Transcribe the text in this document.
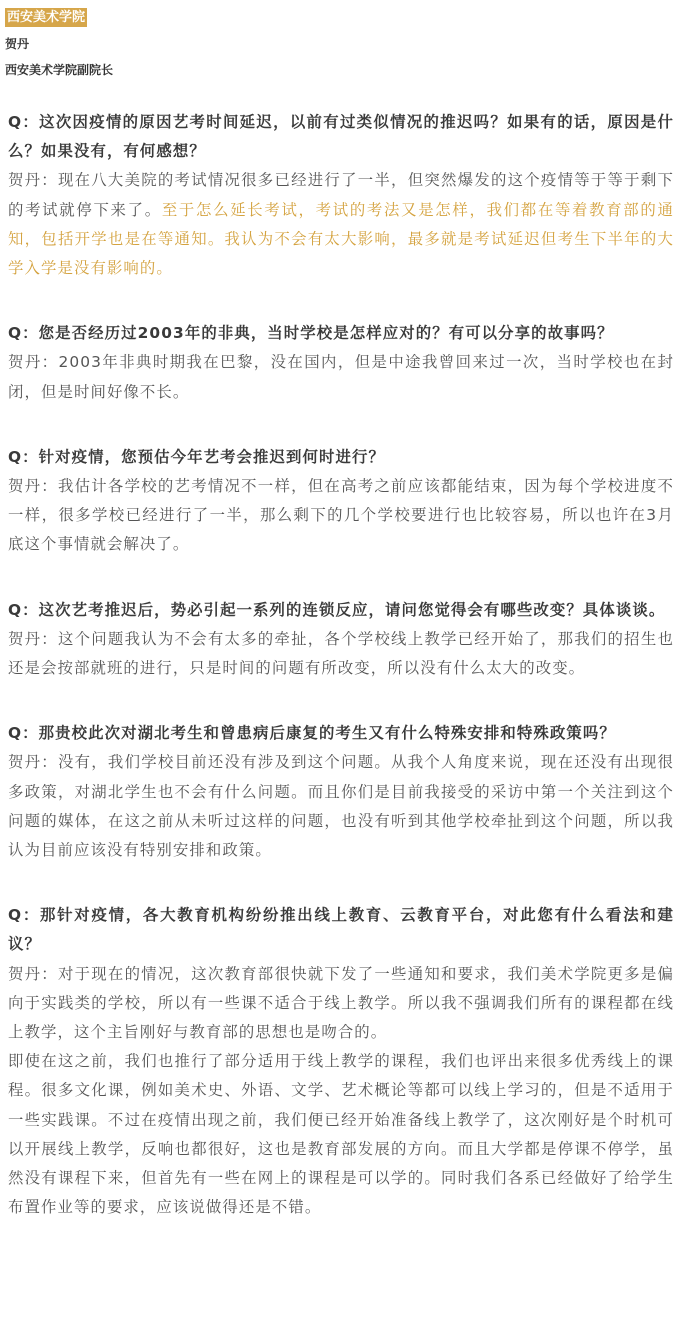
西安美术学院
贺丹
西安美术学院副院长

Q：这次因疫情的原因艺考时间延迟，以前有过类似情况的推迟吗？如果有的话，原因是什么？如果没有，有何感想？

贺丹：现在八大美院的考试情况很多已经进行了一半，但突然爆发的这个疫情等于等于剩下的考试就停下来了。至于怎么延长考试，考试的考法又是怎样，我们都在等着教育部的通知，包括开学也是在等通知。我认为不会有太大影响，最多就是考试延迟但考生下半年的大学入学是没有影响的。

Q：您是否经历过2003年的非典，当时学校是怎样应对的？有可以分享的故事吗？

贺丹：2003年非典时期我在巴黎，没在国内，但是中途我曾回来过一次，当时学校也在封闭，但是时间好像不长。

Q：针对疫情，您预估今年艺考会推迟到何时进行？

贺丹：我估计各学校的艺考情况不一样，但在高考之前应该都能结束，因为每个学校进度不一样，很多学校已经进行了一半，那么剩下的几个学校要进行也比较容易，所以也许在3月底这个事情就会解决了。

Q：这次艺考推迟后，势必引起一系列的连锁反应，请问您觉得会有哪些改变？具体谈谈。

贺丹：这个问题我认为不会有太多的牵扯，各个学校线上教学已经开始了，那我们的招生也还是会按部就班的进行，只是时间的问题有所改变，所以没有什么太大的改变。

Q：那贵校此次对湖北考生和曾患病后康复的考生又有什么特殊安排和特殊政策吗？

贺丹：没有，我们学校目前还没有涉及到这个问题。从我个人角度来说，现在还没有出现很多政策，对湖北学生也不会有什么问题。而且你们是目前我接受的采访中第一个关注到这个问题的媒体，在这之前从未听过这样的问题，也没有听到其他学校牵扯到这个问题，所以我认为目前应该没有特别安排和政策。

Q：那针对疫情，各大教育机构纷纷推出线上教育、云教育平台，对此您有什么看法和建议？

贺丹：对于现在的情况，这次教育部很快就下发了一些通知和要求，我们美术学院更多是偏向于实践类的学校，所以有一些课不适合于线上教学。所以我不强调我们所有的课程都在线上教学，这个主旨刚好与教育部的思想也是吻合的。

即使在这之前，我们也推行了部分适用于线上教学的课程，我们也评出来很多优秀线上的课程。很多文化课，例如美术史、外语、文学、艺术概论等都可以线上学习的，但是不适用于一些实践课。不过在疫情出现之前，我们便已经开始准备线上教学了，这次刚好是个时机可以开展线上教学，反响也都很好，这也是教育部发展的方向。而且大学都是停课不停学，虽然没有课程下来，但首先有一些在网上的课程是可以学的。同时我们各系已经做好了给学生布置作业等的要求，应该说做得还是不错。
